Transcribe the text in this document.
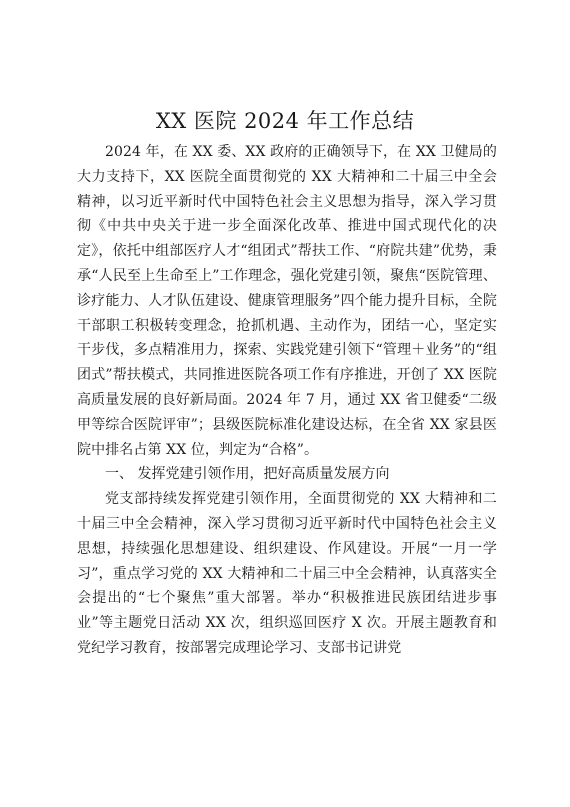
XX 医院 2024 年工作总结

2024 年，在 XX 委、XX 政府的正确领导下，在 XX 卫健局的大力支持下，XX 医院全面贯彻党的 XX 大精神和二十届三中全会精神，以习近平新时代中国特色社会主义思想为指导，深入学习贯彻《中共中央关于进一步全面深化改革、推进中国式现代化的决定》，依托中组部医疗人才“组团式”帮扶工作、“府院共建”优势，秉承“人民至上生命至上”工作理念，强化党建引领，聚焦“医院管理、诊疗能力、人才队伍建设、健康管理服务”四个能力提升目标，全院干部职工积极转变理念，抢抓机遇、主动作为，团结一心，坚定实干步伐，多点精准用力，探索、实践党建引领下“管理＋业务”的“组团式”帮扶模式，共同推进医院各项工作有序推进，开创了 XX 医院高质量发展的良好新局面。2024 年 7 月，通过 XX 省卫健委“二级甲等综合医院评审”；县级医院标准化建设达标，在全省 XX 家县医院中排名占第 XX 位，判定为“合格”。

一、 发挥党建引领作用，把好高质量发展方向

党支部持续发挥党建引领作用，全面贯彻党的 XX 大精神和二十届三中全会精神，深入学习贯彻习近平新时代中国特色社会主义思想，持续强化思想建设、组织建设、作风建设。开展“一月一学习”，重点学习党的 XX 大精神和二十届三中全会精神，认真落实全会提出的“七个聚焦”重大部署。举办“积极推进民族团结进步事业”等主题党日活动 XX 次，组织巡回医疗 X 次。开展主题教育和党纪学习教育，按部署完成理论学习、支部书记讲党
